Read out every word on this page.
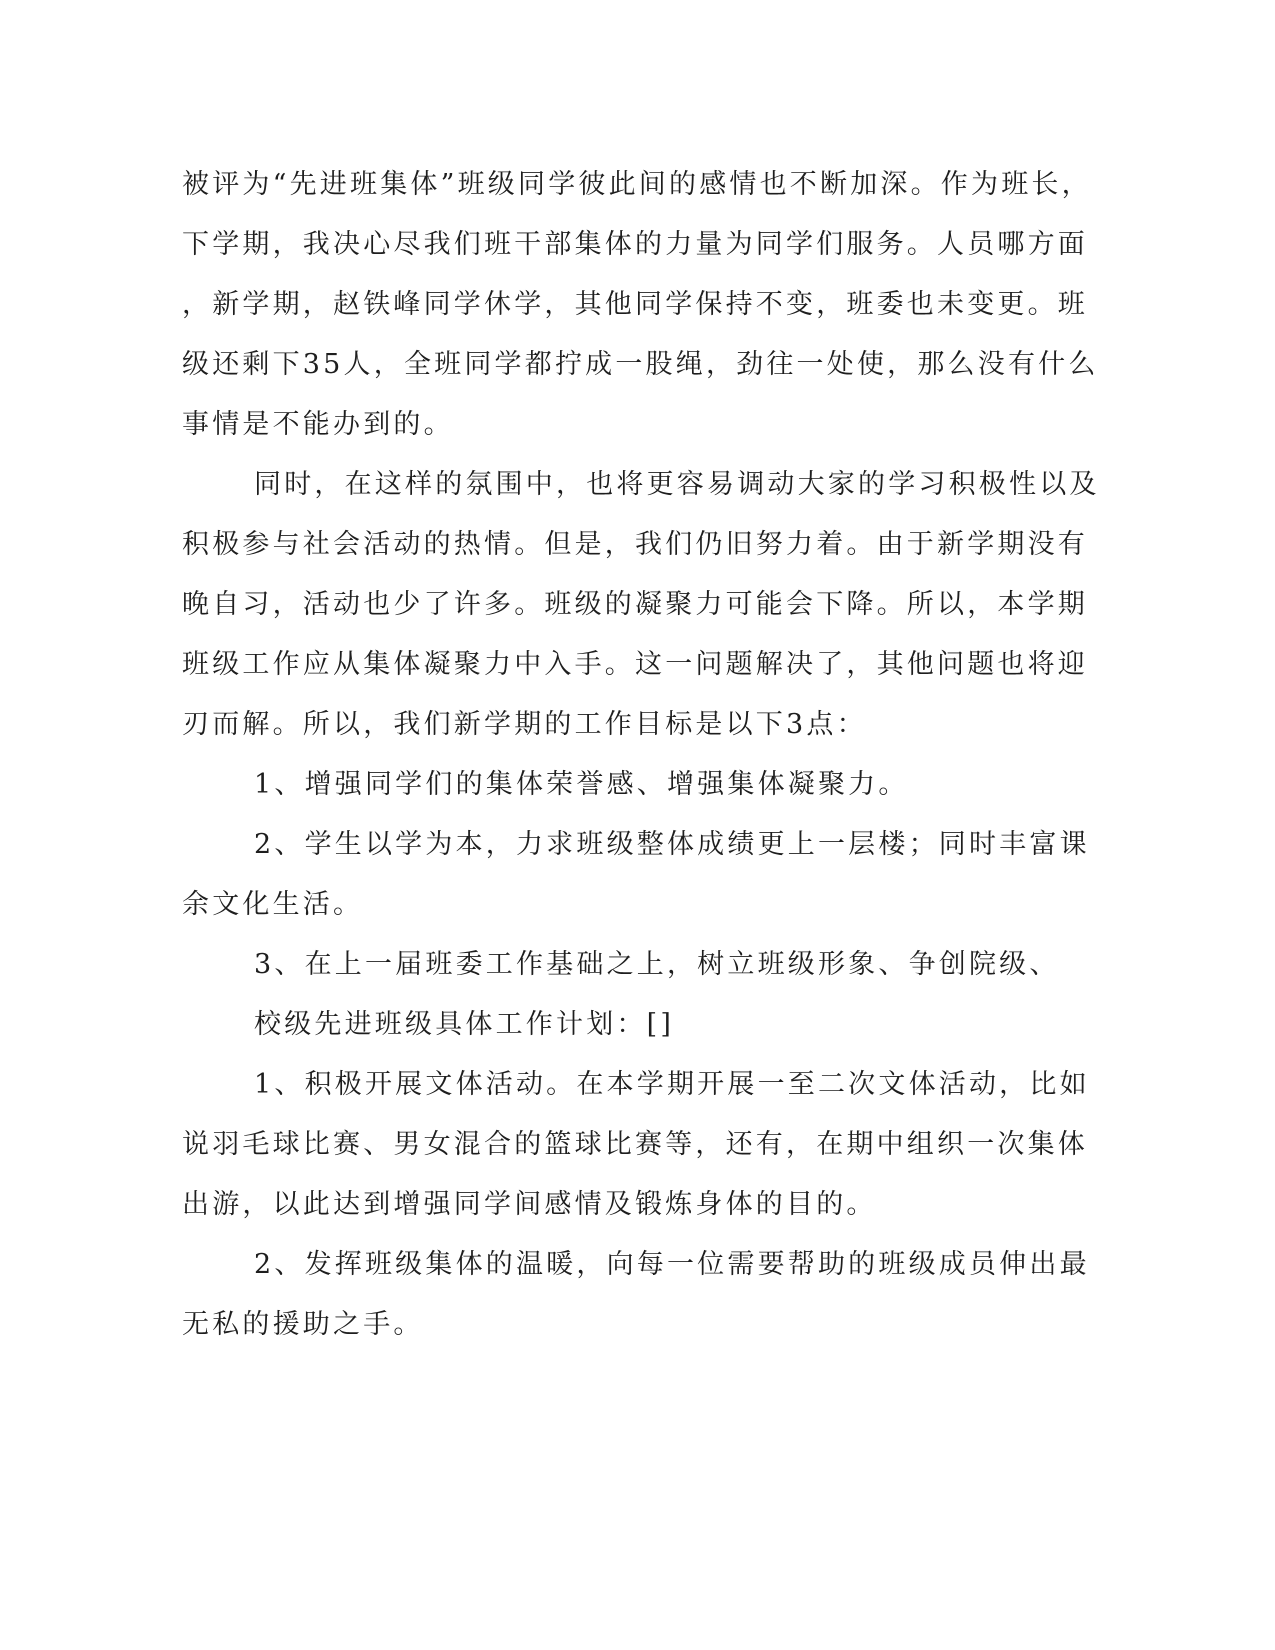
被评为“先进班集体”班级同学彼此间的感情也不断加深。作为班长，
下学期，我决心尽我们班干部集体的力量为同学们服务。人员哪方面
，新学期，赵铁峰同学休学，其他同学保持不变，班委也未变更。班
级还剩下35人，全班同学都拧成一股绳，劲往一处使，那么没有什么
事情是不能办到的。
同时，在这样的氛围中，也将更容易调动大家的学习积极性以及
积极参与社会活动的热情。但是，我们仍旧努力着。由于新学期没有
晚自习，活动也少了许多。班级的凝聚力可能会下降。所以，本学期
班级工作应从集体凝聚力中入手。这一问题解决了，其他问题也将迎
刃而解。所以，我们新学期的工作目标是以下3点：
1、增强同学们的集体荣誉感、增强集体凝聚力。
2、学生以学为本，力求班级整体成绩更上一层楼；同时丰富课
余文化生活。
3、在上一届班委工作基础之上，树立班级形象、争创院级、
校级先进班级具体工作计划：[]
1、积极开展文体活动。在本学期开展一至二次文体活动，比如
说羽毛球比赛、男女混合的篮球比赛等，还有，在期中组织一次集体
出游，以此达到增强同学间感情及锻炼身体的目的。
2、发挥班级集体的温暖，向每一位需要帮助的班级成员伸出最
无私的援助之手。
